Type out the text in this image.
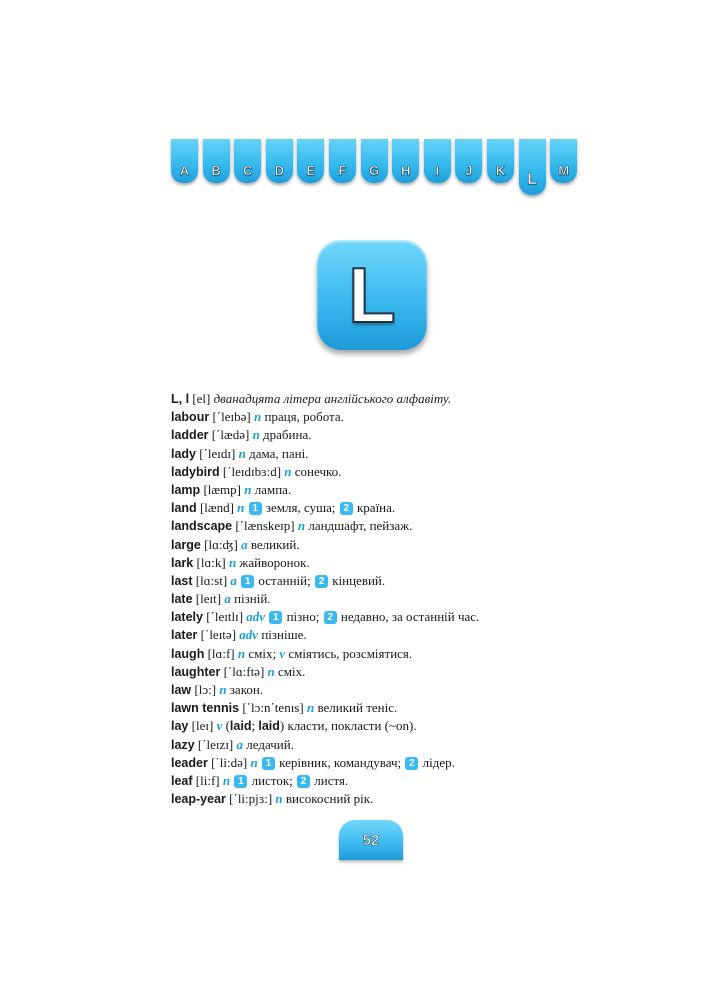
A B C D E F G H I J K
L
M
L
L, l [el] дванадцята літера англійського алфавіту.
labour [΄leɪbə] n праця, робота.
ladder [΄lædə] n драбина.
lady [΄leɪdɪ] n дама, пані.
ladybird [΄leɪdɪbɜ:d] n сонечко.
lamp [læmp] n лампа.
land [lænd] n 1 земля, суша; 2 країна.
landscape [΄lænskeɪp] n ландшафт, пейзаж.
large [lɑ:ʤ] a великий.
lark [lɑ:k] n жайворонок.
last [lɑ:st] a 1 останній; 2 кінцевий.
late [leɪt] a пізній.
lately [΄leɪtlɪ] adv 1 пізно; 2 недавно, за останній час.
later [΄leɪtə] adv пізніше.
laugh [lɑ:f] n сміх; v сміятись, розсміятися.
laughter [΄lɑ:ftə] n сміх.
law [lɔ:] n закон.
lawn tennis [΄lɔ:n΄tenɪs] n великий теніс.
lay [leɪ] v (laid; laid) класти, покласти (~on).
lazy [΄leɪzɪ] a ледачий.
leader [΄li:də] n 1 керівник, командувач; 2 лідер.
leaf [li:f] n 1 листок; 2 листя.
leap-year [΄li:pjɜ:] n високосний рік.
52
